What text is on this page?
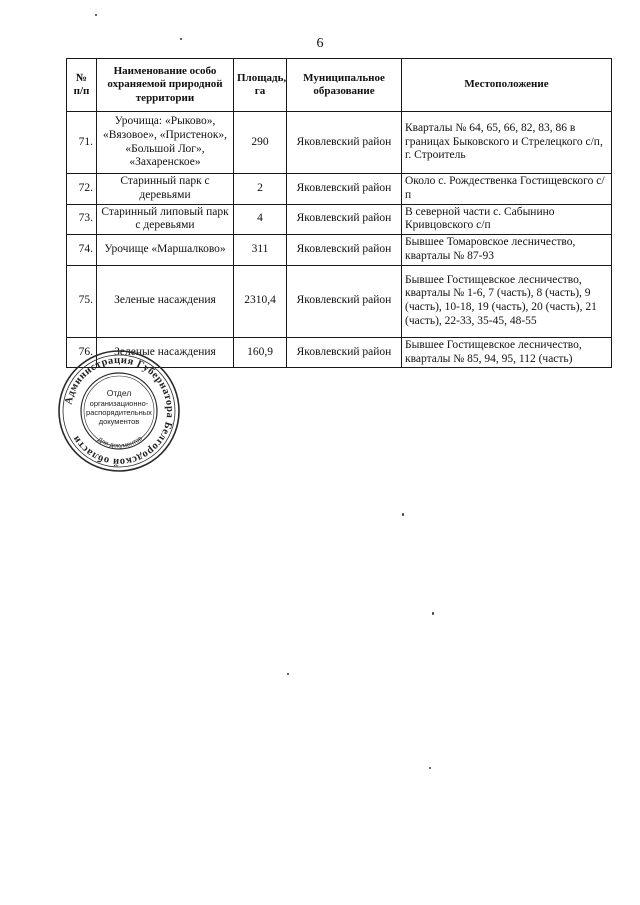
6
№ п/п	Наименование особо охраняемой природной территории	Площадь, га	Муниципальное образование	Местоположение
71.	Урочища: «Рыково», «Вязовое», «Пристенок», «Большой Лог», «Захаренское»	290	Яковлевский район	Кварталы № 64, 65, 66, 82, 83, 86 в границах Быковского и Стрелецкого с/п, г. Строитель
72.	Старинный парк с деревьями	2	Яковлевский район	Около с. Рождественка Гостищевского с/п
73.	Старинный липовый парк с деревьями	4	Яковлевский район	В северной части с. Сабынино Кривцовского с/п
74.	Урочище «Маршалково»	311	Яковлевский район	Бывшее Томаровское лесничество, кварталы № 87-93
75.	Зеленые насаждения	2310,4	Яковлевский район	Бывшее Гостищевское лесничество, кварталы № 1-6, 7 (часть), 8 (часть), 9 (часть), 10-18, 19 (часть), 20 (часть), 21 (часть), 22-33, 35-45, 48-55
76.	Зеленые насаждения	160,9	Яковлевский район	Бывшее Гостищевское лесничество, кварталы № 85, 94, 95, 112 (часть)
Администрация Губернатора Белгородской области
Отдел
организационно-
распорядительных
документов
Для документов
